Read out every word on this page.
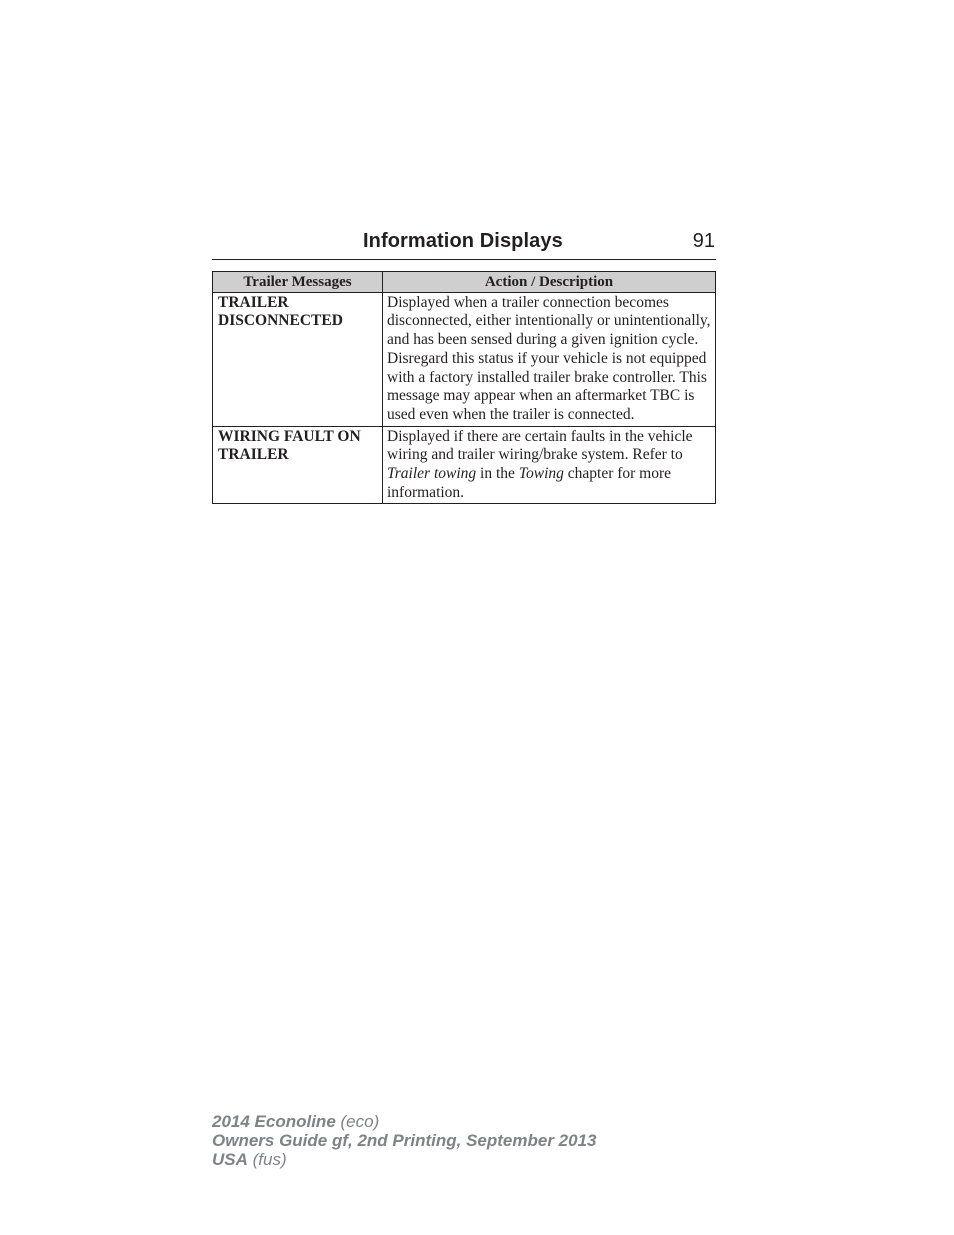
Information Displays	91
Trailer Messages	Action / Description
TRAILER
DISCONNECTED	Displayed when a trailer connection becomes disconnected, either intentionally or unintentionally, and has been sensed during a given ignition cycle. Disregard this status if your vehicle is not equipped with a factory installed trailer brake controller. This message may appear when an aftermarket TBC is used even when the trailer is connected.
WIRING FAULT ON
TRAILER	Displayed if there are certain faults in the vehicle wiring and trailer wiring/brake system. Refer to Trailer towing in the Towing chapter for more information.
2014 Econoline (eco)
Owners Guide gf, 2nd Printing, September 2013
USA (fus)
